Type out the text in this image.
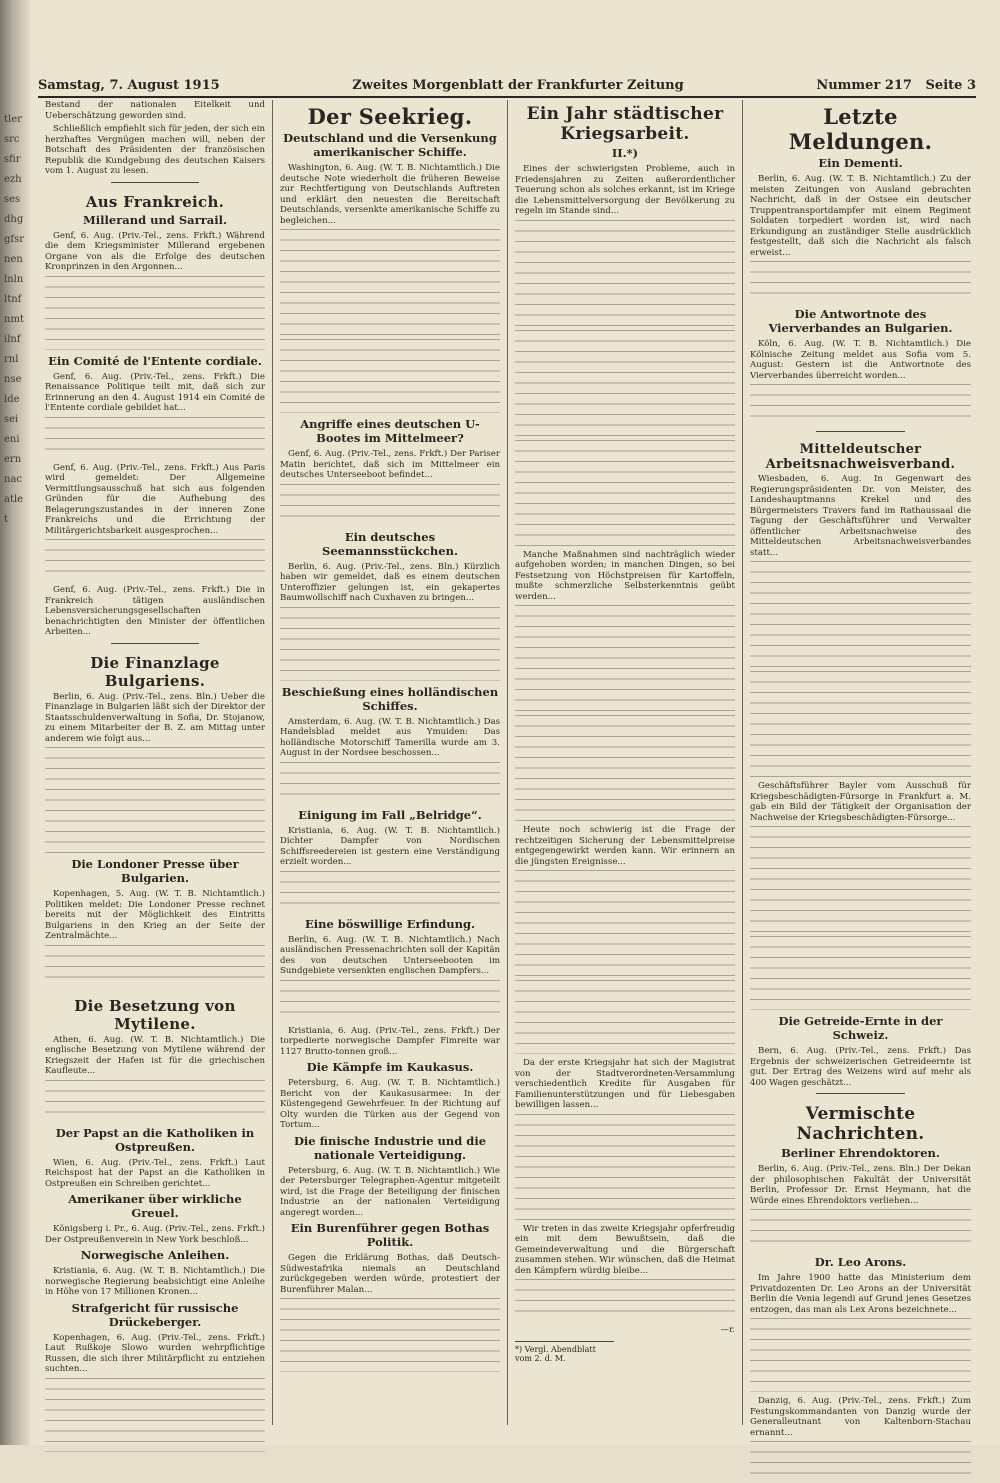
tlersrcsfirezhsesdhggfsrnenlnlnltnfnmtilnfrnlnseldeseieniernnacatlet
Samstag, 7. August 1915	Zweites Morgenblatt der Frankfurter Zeitung	Nummer 217 Seite 3

Bestand der nationalen Eitelkeit und Ueberschätzung geworden sind.

Schließlich empfiehlt sich für jeden, der sich ein herzhaftes Vergnügen machen will, neben der Botschaft des Präsidenten der französischen Republik die Kundgebung des deutschen Kaisers vom 1. August zu lesen.

Aus Frankreich.
Millerand und Sarrail.

Genf, 6. Aug. (Priv.-Tel., zens. Frkft.) Während die dem Kriegsminister Millerand ergebenen Organe von als die Erfolge des deutschen Kronprinzen in den Argonnen...

Ein Comité de l'Entente cordiale.

Genf, 6. Aug. (Priv.-Tel., zens. Frkft.) Die Renaissance Politique teilt mit, daß sich zur Erinnerung an den 4. August 1914 ein Comité de l'Entente cordiale gebildet hat...

Genf, 6. Aug. (Priv.-Tel., zens. Frkft.) Aus Paris wird gemeldet: Der Allgemeine Vermittlungsausschuß hat sich aus folgenden Gründen für die Aufhebung des Belagerungszustandes in der inneren Zone Frankreichs und die Errichtung der Militärgerichtsbarkeit ausgesprochen...

Genf, 6. Aug. (Priv.-Tel., zens. Frkft.) Die in Frankreich tätigen ausländischen Lebensversicherungsgesellschaften benachrichtigten den Minister der öffentlichen Arbeiten...

Die Finanzlage Bulgariens.

Berlin, 6. Aug. (Priv.-Tel., zens. Bln.) Ueber die Finanzlage in Bulgarien läßt sich der Direktor der Staatsschuldenverwaltung in Sofia, Dr. Stojanow, zu einem Mitarbeiter der B. Z. am Mittag unter anderem wie folgt aus...

Die Londoner Presse über Bulgarien.

Kopenhagen, 5. Aug. (W. T. B. Nichtamtlich.) Politiken meldet: Die Londoner Presse rechnet bereits mit der Möglichkeit des Eintritts Bulgariens in den Krieg an der Seite der Zentralmächte...

Die Besetzung von Mytilene.

Athen, 6. Aug. (W. T. B. Nichtamtlich.) Die englische Besetzung von Mytilene während der Kriegszeit der Hafen ist für die griechischen Kaufleute...

Der Papst an die Katholiken in Ostpreußen.

Wien, 6. Aug. (Priv.-Tel., zens. Frkft.) Laut Reichspost hat der Papst an die Katholiken in Ostpreußen ein Schreiben gerichtet...

Amerikaner über wirkliche Greuel.

Königsberg i. Pr., 6. Aug. (Priv.-Tel., zens. Frkft.) Der Ostpreußenverein in New York beschloß...

Norwegische Anleihen.

Kristiania, 6. Aug. (W. T. B. Nichtamtlich.) Die norwegische Regierung beabsichtigt eine Anleihe in Höhe von 17 Millionen Kronen...

Strafgericht für russische Drückeberger.

Kopenhagen, 6. Aug. (Priv.-Tel., zens. Frkft.) Laut Rußkoje Slowo wurden wehrpflichtige Russen, die sich ihrer Militärpflicht zu entziehen suchten...

Der Seekrieg.
Deutschland und die Versenkung amerikanischer Schiffe.

Washington, 6. Aug. (W. T. B. Nichtamtlich.) Die deutsche Note wiederholt die früheren Beweise zur Rechtfertigung von Deutschlands Auftreten und erklärt den neuesten die Bereitschaft Deutschlands, versenkte amerikanische Schiffe zu begleichen...

Angriffe eines deutschen U-Bootes im Mittelmeer?

Genf, 6. Aug. (Priv.-Tel., zens. Frkft.) Der Pariser Matin berichtet, daß sich im Mittelmeer ein deutsches Unterseeboot befindet...

Ein deutsches Seemannsstückchen.

Berlin, 6. Aug. (Priv.-Tel., zens. Bln.) Kürzlich haben wir gemeldet, daß es einem deutschen Unteroffizier gelungen ist, ein gekapertes Baumwollschiff nach Cuxhaven zu bringen...

Beschießung eines holländischen Schiffes.

Amsterdam, 6. Aug. (W. T. B. Nichtamtlich.) Das Handelsblad meldet aus Ymuiden: Das holländische Motorschiff Tamerilla wurde am 3. August in der Nordsee beschossen...

Einigung im Fall „Belridge“.

Kristiania, 6. Aug. (W. T. B. Nichtamtlich.) Dichter Dampfer von Nordischen Schiffsreedereien ist gestern eine Verständigung erzielt worden...

Eine böswillige Erfindung.

Berlin, 6. Aug. (W. T. B. Nichtamtlich.) Nach ausländischen Pressenachrichten soll der Kapitän des von deutschen Unterseebooten im Sundgebiete versenkten englischen Dampfers...

Kristiania, 6. Aug. (Priv.-Tel., zens. Frkft.) Der torpedierte norwegische Dampfer Fimreite war 1127 Brutto-tonnen groß...

Die Kämpfe im Kaukasus.

Petersburg, 6. Aug. (W. T. B. Nichtamtlich.) Bericht von der Kaukasusarmee: In der Küstengegend Gewehrfeuer. In der Richtung auf Olty wurden die Türken aus der Gegend von Tortum...

Die finische Industrie und die nationale Verteidigung.

Petersburg, 6. Aug. (W. T. B. Nichtamtlich.) Wie der Petersburger Telegraphen-Agentur mitgeteilt wird, ist die Frage der Beteiligung der finischen Industrie an der nationalen Verteidigung angeregt worden...

Ein Burenführer gegen Bothas Politik.

Gegen die Erklärung Bothas, daß Deutsch-Südwestafrika niemals an Deutschland zurückgegeben werden würde, protestiert der Burenführer Malan...

Ein Jahr städtischer Kriegsarbeit.
II.*)

Eines der schwierigsten Probleme, auch in Friedensjahren zu Zeiten außerordentlicher Teuerung schon als solches erkannt, ist im Kriege die Lebensmittelversorgung der Bevölkerung zu regeln im Stande sind...

Manche Maßnahmen sind nachträglich wieder aufgehoben worden; in manchen Dingen, so bei Festsetzung von Höchstpreisen für Kartoffeln, mußte schmerzliche Selbsterkenntnis geübt werden...

Heute noch schwierig ist die Frage der rechtzeitigen Sicherung der Lebensmittelpreise entgegengewirkt werden kann. Wir erinnern an die jüngsten Ereignisse...

Da der erste Kriegsjahr hat sich der Magistrat von der Stadtverordneten-Versammlung verschiedentlich Kredite für Ausgaben für Familienunterstützungen und für Liebesgaben bewilligen lassen...

Wir treten in das zweite Kriegsjahr opferfreudig ein mit dem Bewußtsein, daß die Gemeindeverwaltung und die Bürgerschaft zusammen stehen. Wir wünschen, daß die Heimat den Kämpfern würdig bleibe...

—r.
*) Vergl. Abendblatt vom 2. d. M.
Letzte Meldungen.
Ein Dementi.

Berlin, 6. Aug. (W. T. B. Nichtamtlich.) Zu der meisten Zeitungen von Ausland gebrachten Nachricht, daß in der Ostsee ein deutscher Truppentransportdampfer mit einem Regiment Soldaten torpediert worden ist, wird nach Erkundigung an zuständiger Stelle ausdrücklich festgestellt, daß sich die Nachricht als falsch erweist...

Die Antwortnote des Vierverbandes an Bulgarien.

Köln, 6. Aug. (W. T. B. Nichtamtlich.) Die Kölnische Zeitung meldet aus Sofia vom 5. August: Gestern ist die Antwortnote des Vierverbandes überreicht worden...

Mitteldeutscher Arbeitsnachweisverband.

Wiesbaden, 6. Aug. In Gegenwart des Regierungspräsidenten Dr. von Meister, des Landeshauptmanns Krekel und des Bürgermeisters Travers fand im Rathaussaal die Tagung der Geschäftsführer und Verwalter öffentlicher Arbeitsnachweise des Mitteldeutschen Arbeitsnachweisverbandes statt...

Geschäftsführer Bayler vom Ausschuß für Kriegsbeschädigten-Fürsorge in Frankfurt a. M. gab ein Bild der Tätigkeit der Organisation der Nachweise der Kriegsbeschädigten-Fürsorge...

Die Getreide-Ernte in der Schweiz.

Bern, 6. Aug. (Priv.-Tel., zens. Frkft.) Das Ergebnis der schweizerischen Getreideernte ist gut. Der Ertrag des Weizens wird auf mehr als 400 Wagen geschätzt...

Vermischte Nachrichten.
Berliner Ehrendoktoren.

Berlin, 6. Aug. (Priv.-Tel., zens. Bln.) Der Dekan der philosophischen Fakultät der Universität Berlin, Professor Dr. Ernst Heymann, hat die Würde eines Ehrendoktors verliehen...

Dr. Leo Arons.

Im Jahre 1900 hatte das Ministerium dem Privatdozenten Dr. Leo Arons an der Universität Berlin die Venia legendi auf Grund jenes Gesetzes entzogen, das man als Lex Arons bezeichnete...

Danzig, 6. Aug. (Priv.-Tel., zens. Frkft.) Zum Festungskommandanten von Danzig wurde der Generalleutnant von Kaltenborn-Stachau ernannt...
